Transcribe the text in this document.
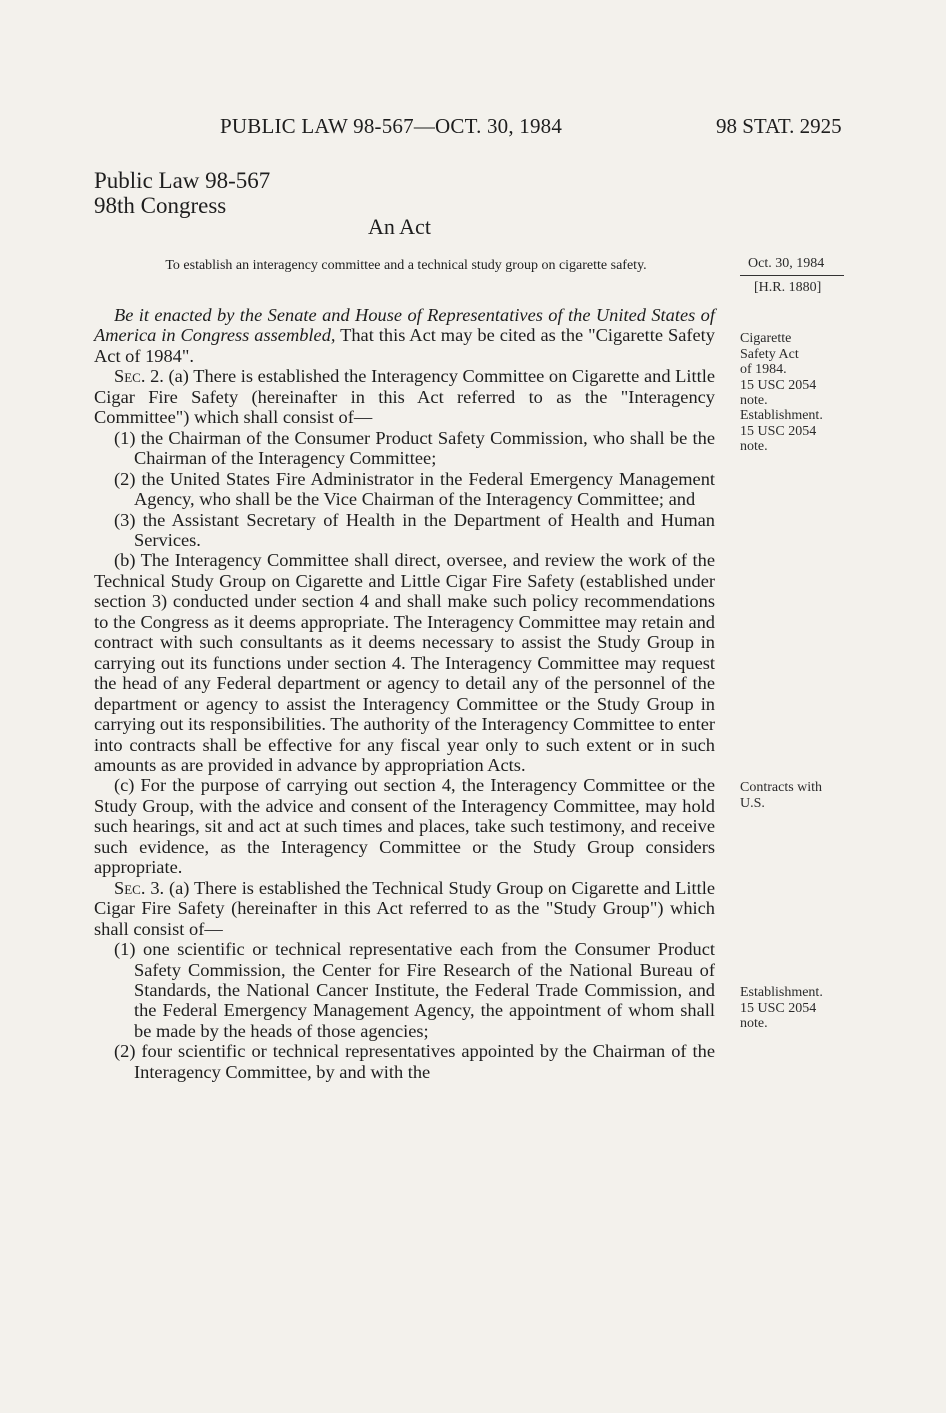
PUBLIC LAW 98-567—OCT. 30, 1984	98 STAT. 2925
Public Law 98-567
98th Congress
An Act
To establish an interagency committee and a technical study group on cigarette safety.	Oct. 30, 1984
[H.R. 1880]
Cigarette
Safety Act
of 1984.
15 USC 2054
note.
Establishment.
15 USC 2054
note.
Contracts with
U.S.
Establishment.
15 USC 2054
note.

Be it enacted by the Senate and House of Representatives of the United States of America in Congress assembled, That this Act may be cited as the "Cigarette Safety Act of 1984".

Sec. 2. (a) There is established the Interagency Committee on Cigarette and Little Cigar Fire Safety (hereinafter in this Act referred to as the "Interagency Committee") which shall consist of—

(1) the Chairman of the Consumer Product Safety Commission, who shall be the Chairman of the Interagency Committee;

(2) the United States Fire Administrator in the Federal Emergency Management Agency, who shall be the Vice Chairman of the Interagency Committee; and

(3) the Assistant Secretary of Health in the Department of Health and Human Services.

(b) The Interagency Committee shall direct, oversee, and review the work of the Technical Study Group on Cigarette and Little Cigar Fire Safety (established under section 3) conducted under section 4 and shall make such policy recommendations to the Congress as it deems appropriate. The Interagency Committee may retain and contract with such consultants as it deems necessary to assist the Study Group in carrying out its functions under section 4. The Interagency Committee may request the head of any Federal department or agency to detail any of the personnel of the department or agency to assist the Interagency Committee or the Study Group in carrying out its responsibilities. The authority of the Interagency Committee to enter into contracts shall be effective for any fiscal year only to such extent or in such amounts as are provided in advance by appropriation Acts.

(c) For the purpose of carrying out section 4, the Interagency Committee or the Study Group, with the advice and consent of the Interagency Committee, may hold such hearings, sit and act at such times and places, take such testimony, and receive such evidence, as the Interagency Committee or the Study Group considers appropriate.

Sec. 3. (a) There is established the Technical Study Group on Cigarette and Little Cigar Fire Safety (hereinafter in this Act referred to as the "Study Group") which shall consist of—

(1) one scientific or technical representative each from the Consumer Product Safety Commission, the Center for Fire Research of the National Bureau of Standards, the National Cancer Institute, the Federal Trade Commission, and the Federal Emergency Management Agency, the appointment of whom shall be made by the heads of those agencies;

(2) four scientific or technical representatives appointed by the Chairman of the Interagency Committee, by and with the
